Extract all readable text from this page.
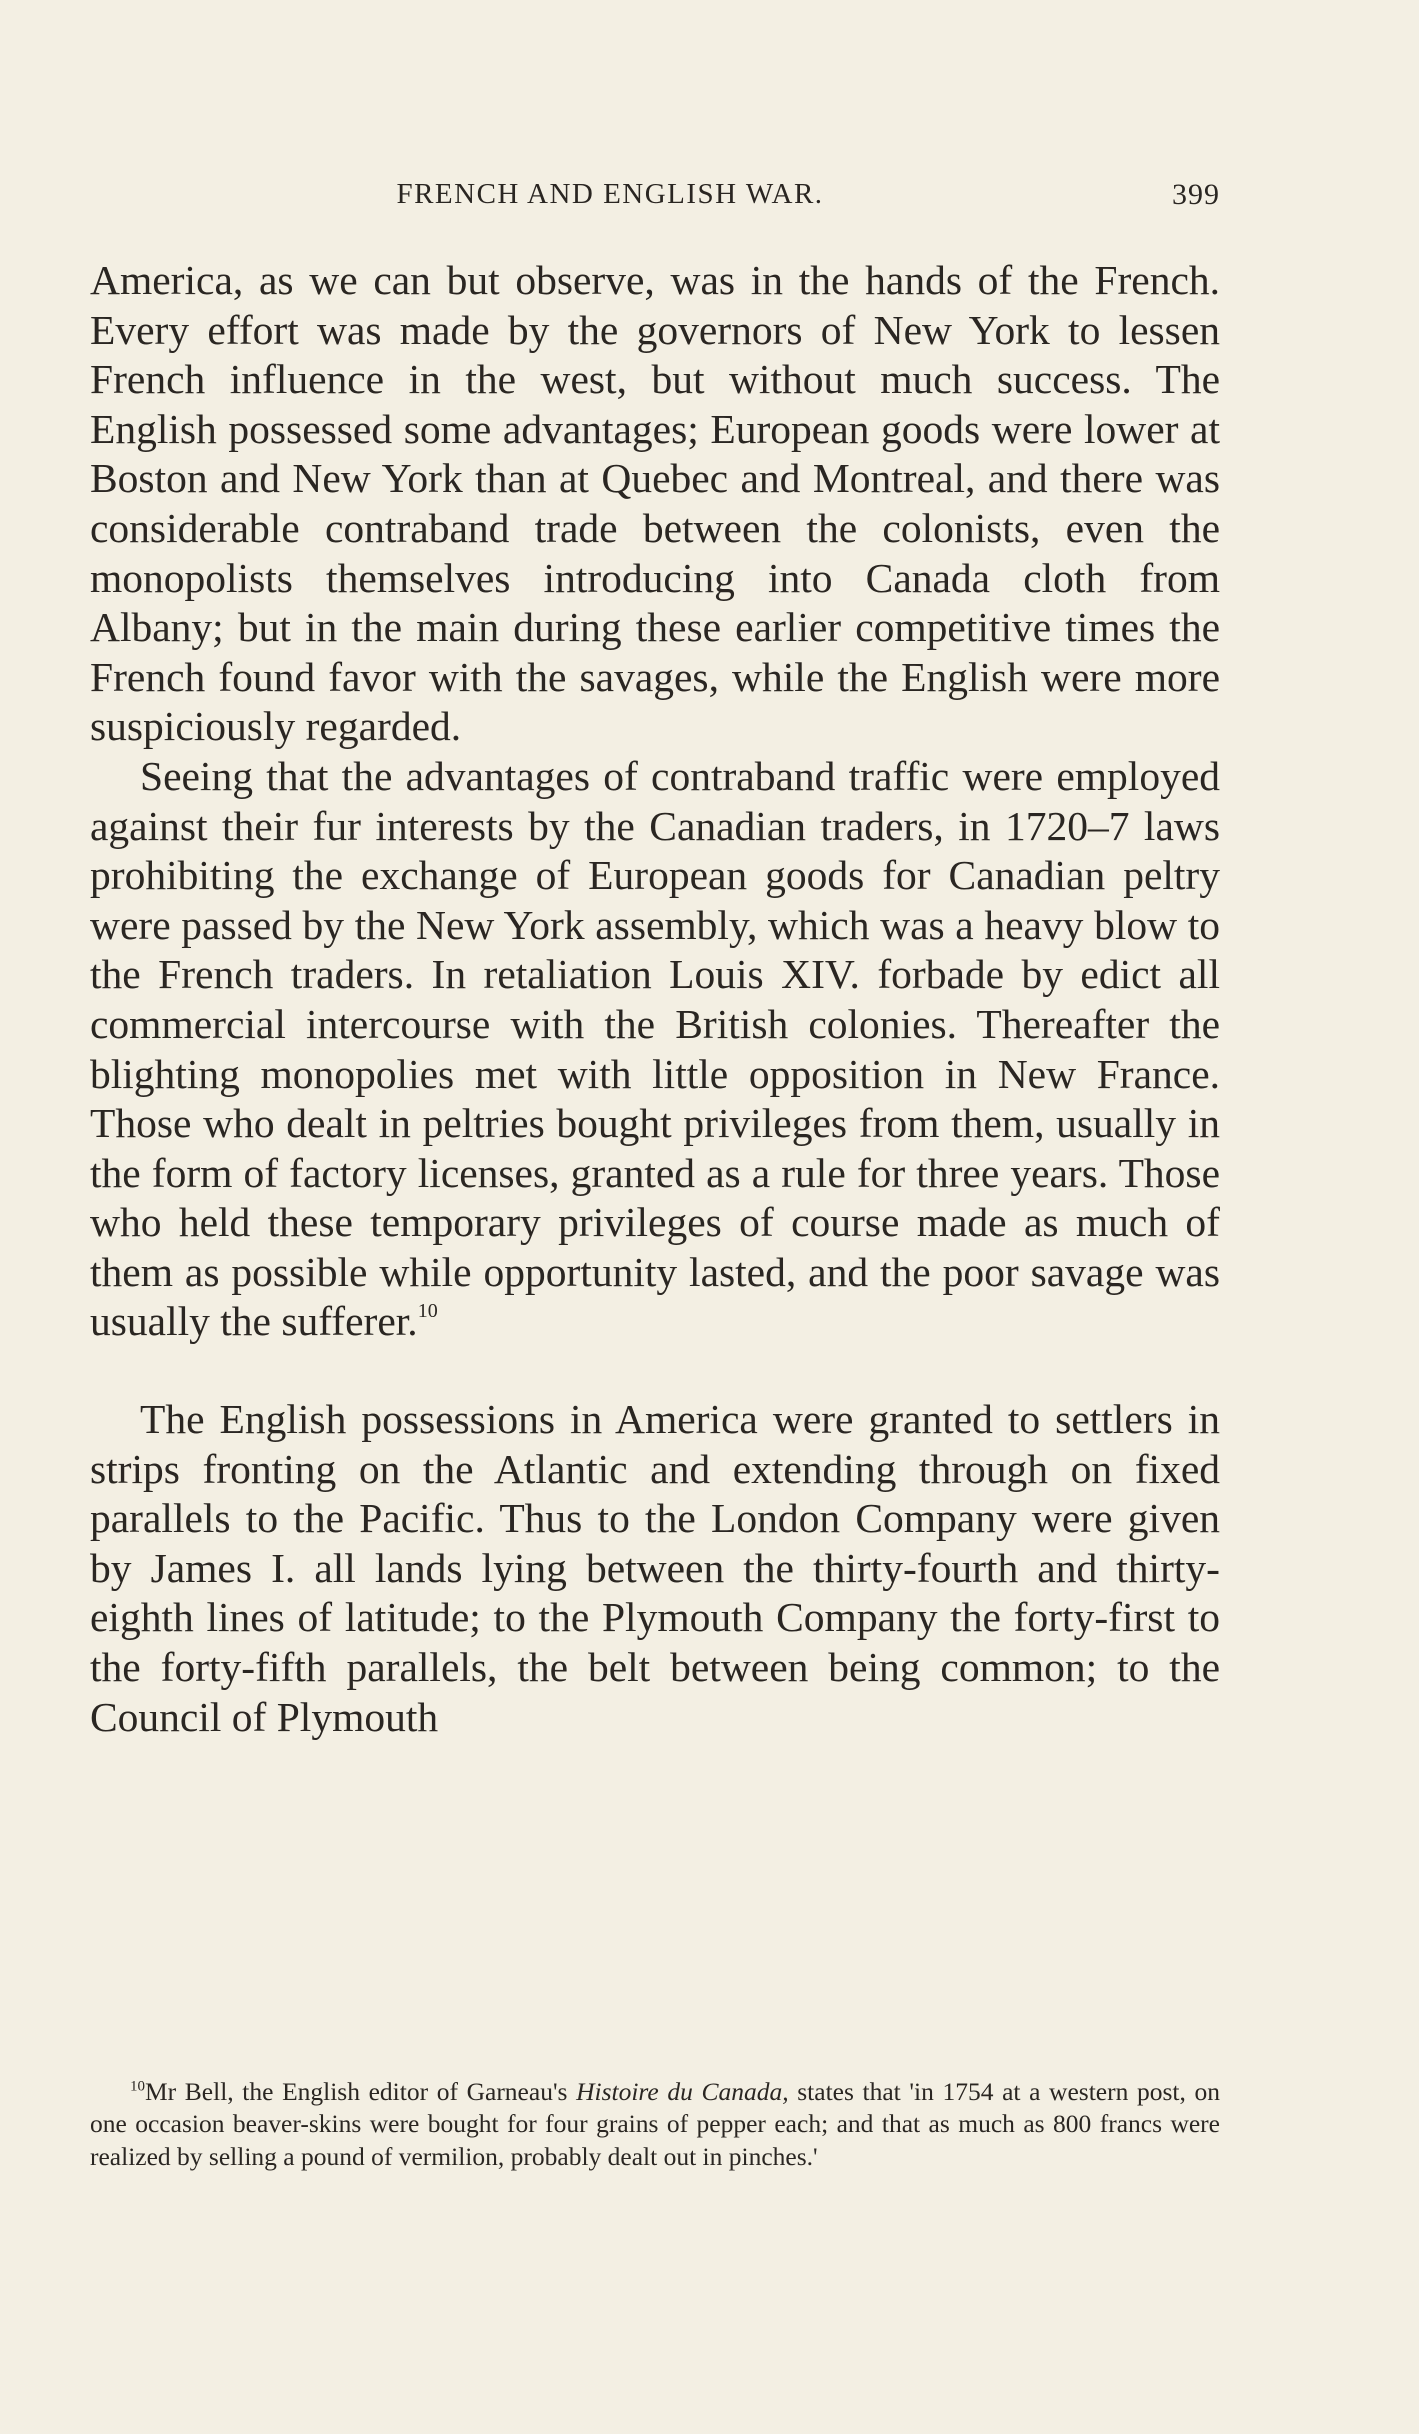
FRENCH AND ENGLISH WAR.	399

America, as we can but observe, was in the hands of the French. Every effort was made by the governors of New York to lessen French influence in the west, but without much success. The English possessed some advantages; European goods were lower at Boston and New York than at Quebec and Montreal, and there was considerable contraband trade between the colonists, even the monopolists themselves introducing into Canada cloth from Albany; but in the main during these earlier competitive times the French found favor with the savages, while the English were more suspiciously regarded.

Seeing that the advantages of contraband traffic were employed against their fur interests by the Canadian traders, in 1720–7 laws prohibiting the exchange of European goods for Canadian peltry were passed by the New York assembly, which was a heavy blow to the French traders. In retaliation Louis XIV. forbade by edict all commercial intercourse with the British colonies. Thereafter the blighting monopolies met with little opposition in New France. Those who dealt in peltries bought privileges from them, usually in the form of factory licenses, granted as a rule for three years. Those who held these temporary privileges of course made as much of them as possible while opportunity lasted, and the poor savage was usually the sufferer.$^{10}$

The English possessions in America were granted to settlers in strips fronting on the Atlantic and extending through on fixed parallels to the Pacific. Thus to the London Company were given by James I. all lands lying between the thirty-fourth and thirty-eighth lines of latitude; to the Plymouth Company the forty-first to the forty-fifth parallels, the belt between being common; to the Council of Plymouth

$^{10}$Mr Bell, the English editor of Garneau's Histoire du Canada, states that 'in 1754 at a western post, on one occasion beaver-skins were bought for four grains of pepper each; and that as much as 800 francs were realized by selling a pound of vermilion, probably dealt out in pinches.'
